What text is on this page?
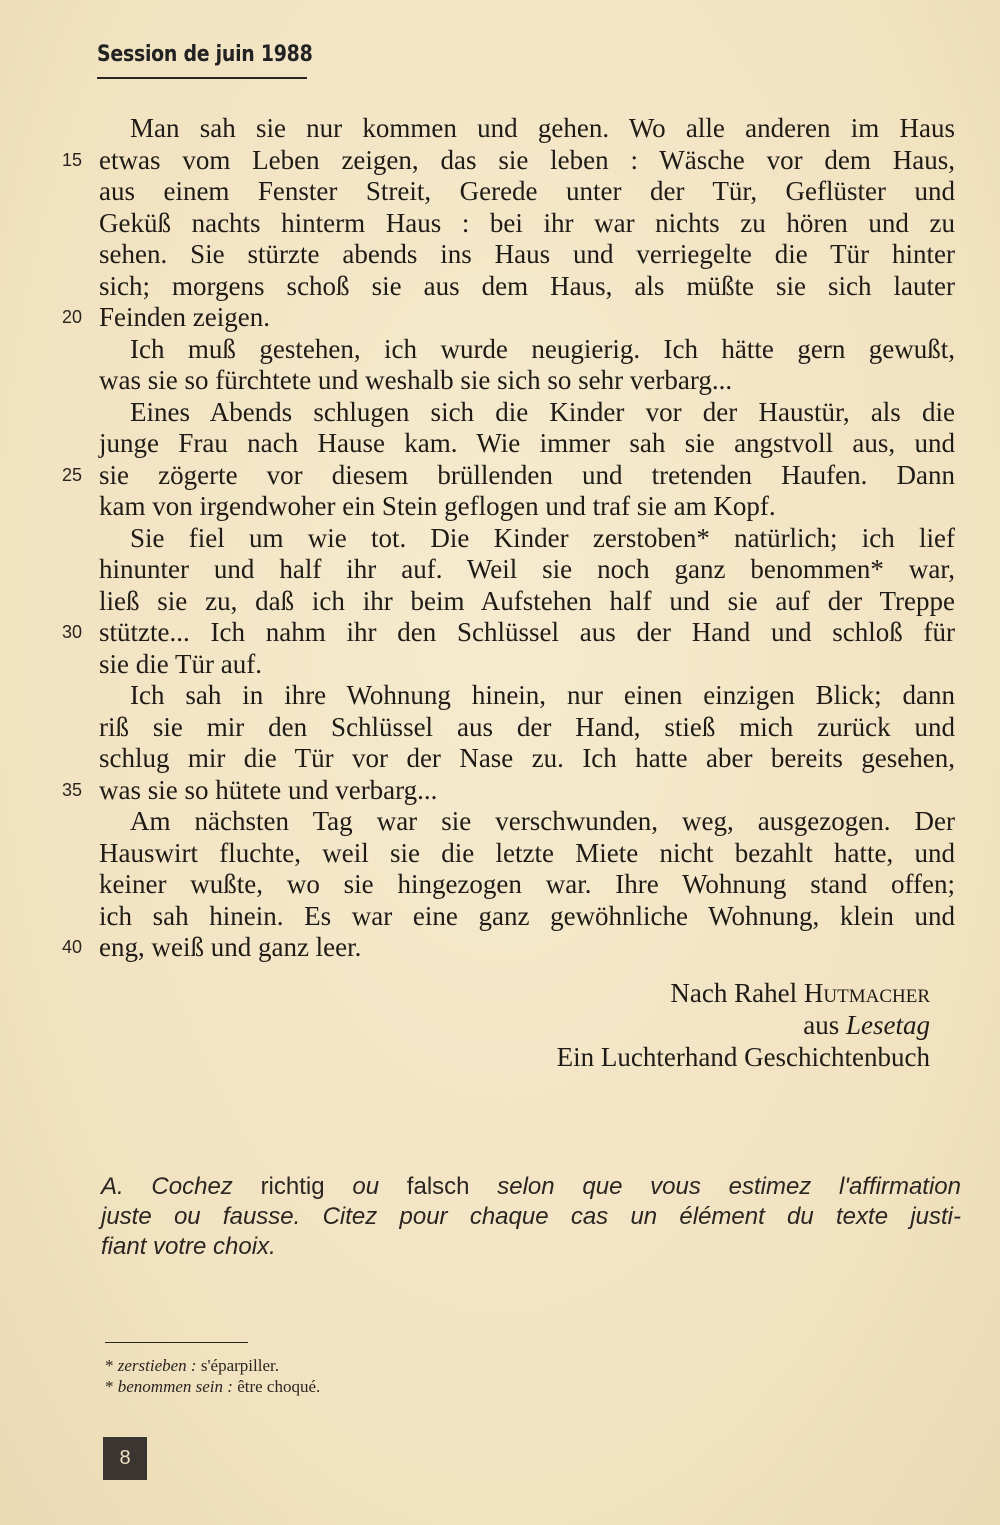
Session de juin 1988
Man sah sie nur kommen und gehen. Wo alle anderen im Haus
15 etwas vom Leben zeigen, das sie leben : Wäsche vor dem Haus,
aus einem Fenster Streit, Gerede unter der Tür, Geflüster und
Geküß nachts hinterm Haus : bei ihr war nichts zu hören und zu
sehen. Sie stürzte abends ins Haus und verriegelte die Tür hinter
sich; morgens schoß sie aus dem Haus, als müßte sie sich lauter
20 Feinden zeigen.
Ich muß gestehen, ich wurde neugierig. Ich hätte gern gewußt,
was sie so fürchtete und weshalb sie sich so sehr verbarg...
Eines Abends schlugen sich die Kinder vor der Haustür, als die
junge Frau nach Hause kam. Wie immer sah sie angstvoll aus, und
25 sie zögerte vor diesem brüllenden und tretenden Haufen. Dann
kam von irgendwoher ein Stein geflogen und traf sie am Kopf.
Sie fiel um wie tot. Die Kinder zerstoben* natürlich; ich lief
hinunter und half ihr auf. Weil sie noch ganz benommen* war,
ließ sie zu, daß ich ihr beim Aufstehen half und sie auf der Treppe
30 stützte... Ich nahm ihr den Schlüssel aus der Hand und schloß für
sie die Tür auf.
Ich sah in ihre Wohnung hinein, nur einen einzigen Blick; dann
riß sie mir den Schlüssel aus der Hand, stieß mich zurück und
schlug mir die Tür vor der Nase zu. Ich hatte aber bereits gesehen,
35 was sie so hütete und verbarg...
Am nächsten Tag war sie verschwunden, weg, ausgezogen. Der
Hauswirt fluchte, weil sie die letzte Miete nicht bezahlt hatte, und
keiner wußte, wo sie hingezogen war. Ihre Wohnung stand offen;
ich sah hinein. Es war eine ganz gewöhnliche Wohnung, klein und
40 eng, weiß und ganz leer.
Nach Rahel Hutmacher
aus Lesetag
Ein Luchterhand Geschichtenbuch
A. Cochez richtig ou falsch selon que vous estimez l'affirmation
juste ou fausse. Citez pour chaque cas un élément du texte justi-
fiant votre choix.
* zerstieben : s'éparpiller.
* benommen sein : être choqué.
8
